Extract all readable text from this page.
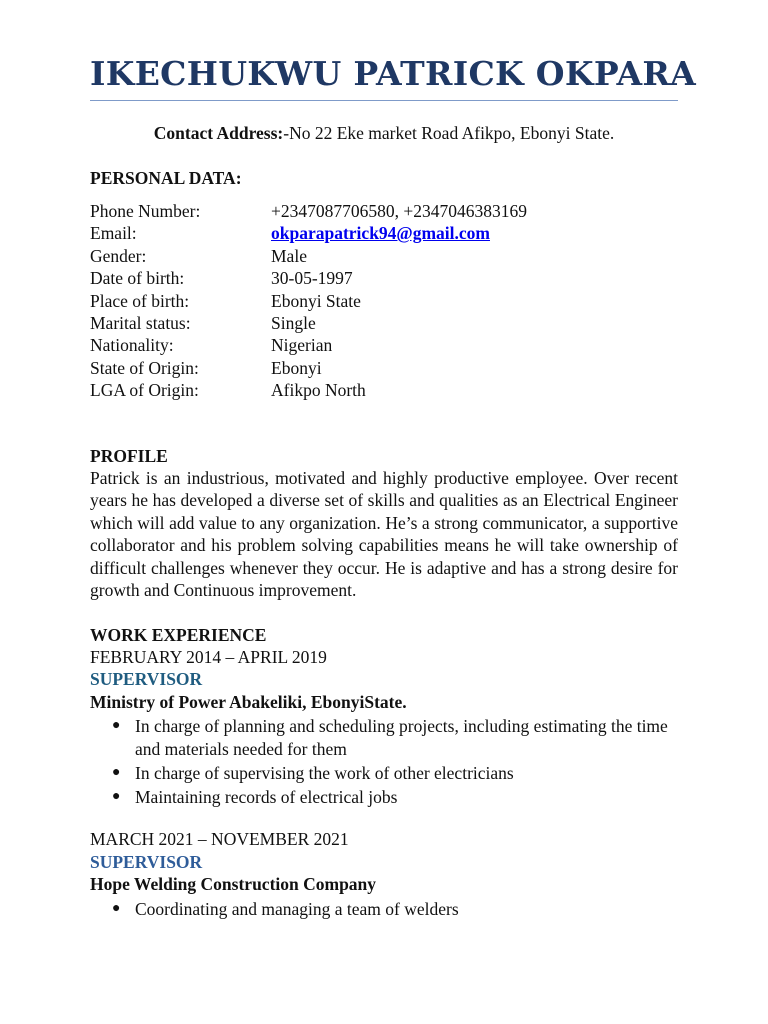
IKECHUKWU PATRICK OKPARA
Contact Address:-No 22 Eke market Road Afikpo, Ebonyi State.
PERSONAL DATA:
Phone Number:	+2347087706580, +2347046383169
Email:	okparapatrick94@gmail.com
Gender:	Male
Date of birth:	30-05-1997
Place of birth:	Ebonyi State
Marital status:	Single
Nationality:	Nigerian
State of Origin:	Ebonyi
LGA of Origin:	Afikpo North
PROFILE
Patrick is an industrious, motivated and highly productive employee. Over recent years he has developed a diverse set of skills and qualities as an Electrical Engineer which will add value to any organization. He’s a strong communicator, a supportive collaborator and his problem solving capabilities means he will take ownership of difficult challenges whenever they occur. He is adaptive and has a strong desire for growth and Continuous improvement.
WORK EXPERIENCE
FEBRUARY 2014 – APRIL 2019
SUPERVISOR
Ministry of Power Abakeliki, EbonyiState.
● In charge of planning and scheduling projects, including estimating the time and materials needed for them
● In charge of supervising the work of other electricians
● Maintaining records of electrical jobs
MARCH 2021 – NOVEMBER 2021
SUPERVISOR
Hope Welding Construction Company
● Coordinating and managing a team of welders
